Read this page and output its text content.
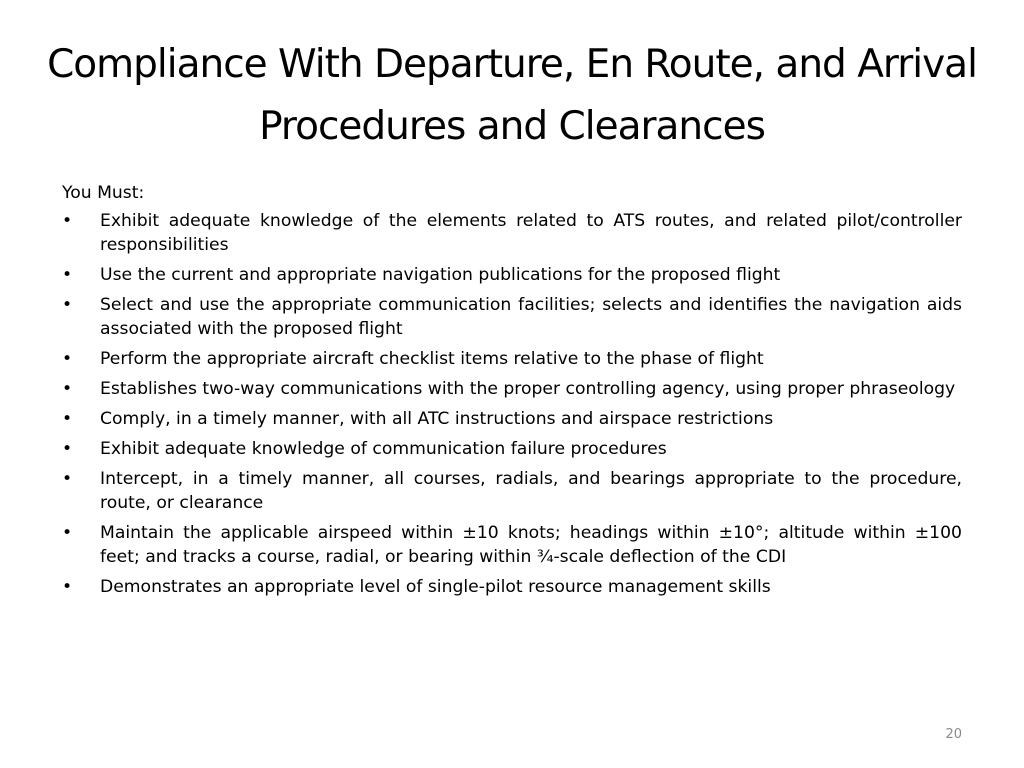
Compliance With Departure, En Route, and Arrival Procedures and Clearances

You Must:

• Exhibit adequate knowledge of the elements related to ATS routes, and related pilot/controller responsibilities
• Use the current and appropriate navigation publications for the proposed flight
• Select and use the appropriate communication facilities; selects and identifies the navigation aids associated with the proposed flight
• Perform the appropriate aircraft checklist items relative to the phase of flight
• Establishes two-way communications with the proper controlling agency, using proper phraseology
• Comply, in a timely manner, with all ATC instructions and airspace restrictions
• Exhibit adequate knowledge of communication failure procedures
• Intercept, in a timely manner, all courses, radials, and bearings appropriate to the procedure, route, or clearance
• Maintain the applicable airspeed within ±10 knots; headings within ±10°; altitude within ±100 feet; and tracks a course, radial, or bearing within ¾-scale deflection of the CDI
• Demonstrates an appropriate level of single-pilot resource management skills
20
